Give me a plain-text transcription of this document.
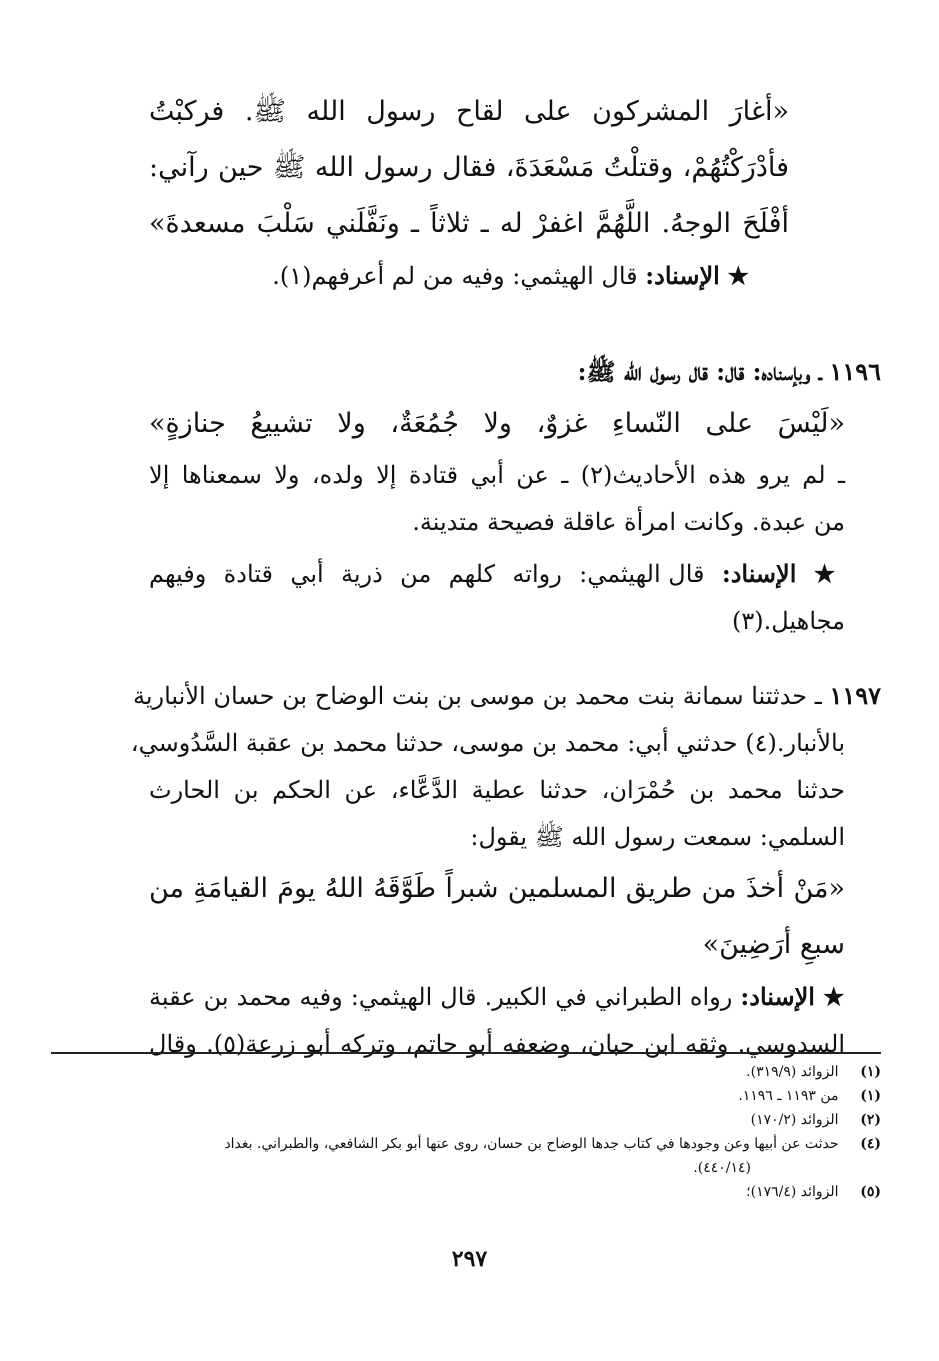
«أغارَ المشركون على لقاح رسول الله ﷺ. فركبْتُ
فأدْرَكْتُهُمْ، وقتلْتُ مَسْعَدَةَ، فقال رسول الله ﷺ حين رآني:
أفْلَحَ الوجهُ. اللَّهُمَّ اغفرْ له ـ ثلاثاً ـ ونَفَّلَني سَلْبَ مسعدةَ»
★ الإسناد: قال الهيثمي: وفيه من لم أعرفهم(١).
١١٩٦ ـ وبإسناده: قال: قال رسول الله ﷺ:
«لَيْسَ على النّساءِ غزوٌ، ولا جُمُعَةٌ، ولا تشييعُ جنازةٍ»
ـ لم يرو هذه الأحاديث(٢) ـ عن أبي قتادة إلا ولده، ولا سمعناها إلا
من عبدة. وكانت امرأة عاقلة فصيحة متدينة.
★ الإسناد: قال الهيثمي: رواته كلهم من ذرية أبي قتادة وفيهم
مجاهيل.(٣)
١١٩٧ ـ حدثتنا سمانة بنت محمد بن موسى بن بنت الوضاح بن حسان الأنبارية
بالأنبار.(٤) حدثني أبي: محمد بن موسى، حدثنا محمد بن عقبة السَّدُوسي،
حدثنا محمد بن حُمْرَان، حدثنا عطية الدَّعَّاء، عن الحكم بن الحارث
السلمي: سمعت رسول الله ﷺ يقول:
«مَنْ أخذَ من طريق المسلمين شبراً طَوَّقَهُ اللهُ يومَ القيامَةِ من
سبعِ أرَضِينَ»
★ الإسناد: رواه الطبراني في الكبير. قال الهيثمي: وفيه محمد بن عقبة
السدوسي. وثقه ابن حبان، وضعفه أبو حاتم، وتركه أبو زرعة(٥). وقال
(١) الزوائد (٣١٩/٩).
(١) من ١١٩٣ ـ ١١٩٦.
(٢) الزوائد (١٧٠/٢)
(٤) حدثت عن أبيها وعن وجودها في كتاب جدها الوضاح بن حسان، روى عنها أبو بكر الشافعي، والطبراني. بغداد
(٤٤٠/١٤).
(٥) الزوائد (١٧٦/٤)؛
٢٩٧
